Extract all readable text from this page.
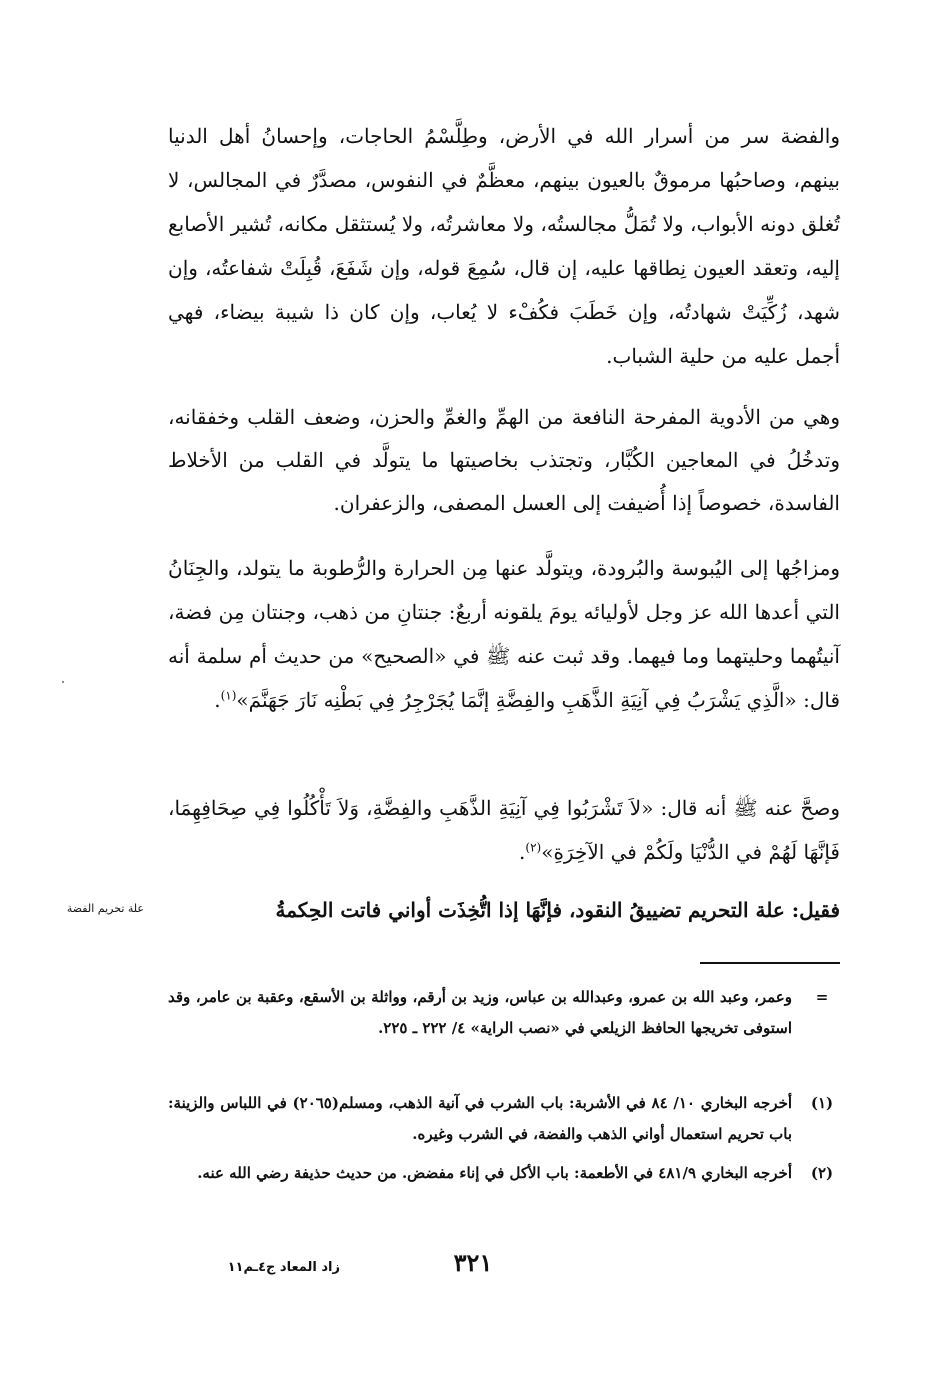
والفضة سر من أسرار الله في الأرض، وطِلَّسْمُ الحاجات، وإحسانُ أهل الدنيا بينهم، وصاحبُها مرموقٌ بالعيون بينهم، معظَّمٌ في النفوس، مصدَّرٌ في المجالس، لا تُغلق دونه الأبواب، ولا تُمَلُّ مجالستُه، ولا معاشرتُه، ولا يُستثقل مكانه، تُشير الأصابع إليه، وتعقد العيون نِطاقها عليه، إن قال، سُمِعَ قوله، وإن شَفَعَ، قُبِلَتْ شفاعتُه، وإن شهد، زُكِّيَتْ شهادتُه، وإن خَطَبَ فكُفْء لا يُعاب، وإن كان ذا شيبة بيضاء، فهي أجمل عليه من حلية الشباب.

وهي من الأدوية المفرحة النافعة من الهمِّ والغمِّ والحزن، وضعف القلب وخفقانه، وتدخُلُ في المعاجين الكُبَّار، وتجتذب بخاصيتها ما يتولَّد في القلب من الأخلاط الفاسدة، خصوصاً إذا أُضيفت إلى العسل المصفى، والزعفران.

ومزاجُها إلى اليُبوسة والبُرودة، ويتولَّد عنها مِن الحرارة والرُّطوبة ما يتولد، والجِنَانُ التي أعدها الله عز وجل لأوليائه يومَ يلقونه أربعٌ: جنتانِ من ذهب، وجنتان مِن فضة، آنيتُهما وحليتهما وما فيهما. وقد ثبت عنه ﷺ في «الصحيح» من حديث أم سلمة أنه قال: «الَّذِي يَشْرَبُ فِي آنِيَةِ الذَّهَبِ والفِضَّةِ إنَّمَا يُجَرْجِرُ فِي بَطْنِه نَارَ جَهَنَّمَ»$^{(١)}$.

وصحَّ عنه ﷺ أنه قال: «لاَ تَشْرَبُوا فِي آنِيَةِ الذَّهَبِ والفِضَّةِ، وَلاَ تَأْكُلُوا فِي صِحَافِهِمَا، فَإنَّهَا لَهُمْ في الدُّنْيَا ولَكُمْ في الآخِرَةِ»$^{(٢)}$.

فقيل: علة التحريم تضييقُ النقود، فإنَّهَا إذا اتُّخِذَت أواني فاتت الحِكمةُ

علة تحريم الفضة
=
وعمر، وعبد الله بن عمرو، وعبدالله بن عباس، وزيد بن أرقم، وواثلة بن الأسقع، وعقبة بن عامر، وقد استوفى تخريجها الحافظ الزيلعي في «نصب الراية» ٤/ ٢٢٢ ـ ٢٢٥.
(١)
أخرجه البخاري ١٠/ ٨٤ في الأشربة: باب الشرب في آنية الذهب، ومسلم(٢٠٦٥) في اللباس والزينة: باب تحريم استعمال أواني الذهب والفضة، في الشرب وغيره.
(٢)
أخرجه البخاري ٤٨١/٩ في الأطعمة: باب الأكل في إناء مفضض. من حديث حذيفة رضي الله عنه.
٣٢١
زاد المعاد ج٤ـم١١
